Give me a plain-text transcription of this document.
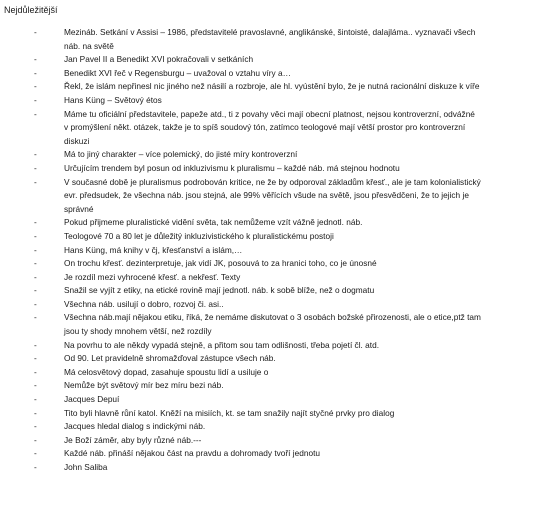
Nejdůležitější
-	Mezináb. Setkání v Assisi – 1986, představitelé pravoslavné, anglikánské, šintoisté, dalajláma.. vyznavači všech
náb. na světě
-	Jan Pavel II a Benedikt XVI pokračovali v setkáních
-	Benedikt XVI řeč v Regensburgu – uvažoval o vztahu víry a…
-	Řekl, že islám nepřinesl nic jiného než násilí a rozbroje, ale hl. vyústění bylo, že je nutná racionální diskuze k víře
-	Hans Küng – Světový étos
-	Máme tu oficiální představitele, papeže atd., ti z povahy věci mají obecní platnost, nejsou kontroverzní, odvážné
v promýšlení někt. otázek, takže je to spíš soudový tón, zatímco teologové mají větší prostor pro kontroverzní
diskuzi
-	Má to jiný charakter – více polemický, do jisté míry kontroverzní
-	Určujícím trendem byl posun od inkluzivismu k pluralismu – každé náb. má stejnou hodnotu
-	V současné době je pluralismus podrobován kritice, ne že by odporoval základům křesť., ale je tam kolonialistický
evr. předsudek, že všechna náb. jsou stejná, ale 99% věřících všude na světě, jsou přesvědčeni, že to jejich je
správné
-	Pokud přijmeme pluralistické vidění světa, tak nemůžeme vzít vážně jednotl. náb.
-	Teologové 70 a 80 let je důležitý inkluzivistického k pluralistickému postoji
-	Hans Küng, má knihy v čj, křesťanství a islám,…
-	On trochu křesť. dezinterpretuje, jak vidí JK, posouvá to za hranici toho, co je únosné
-	Je rozdíl mezi vyhrocené křesť. a nekřesť. Texty
-	Snažil se vyjít z etiky, na etické rovině mají jednotl. náb. k sobě blíže, než o dogmatu
-	Všechna náb. usilují o dobro, rozvoj či. asi..
-	Všechna náb.mají nějakou etiku, říká, že nemáme diskutovat o 3 osobách božské přirozenosti, ale o etice,ptž tam
jsou ty shody mnohem větší, než rozdíly
-	Na povrhu to ale někdy vypadá stejně, a přitom sou tam odlišnosti, třeba pojetí čl. atd.
-	Od 90. Let pravidelně shromažďoval zástupce všech náb.
-	Má celosvětový dopad, zasahuje spoustu lidí a usiluje o
-	Nemůže být světový mír bez míru bezi náb.
-	Jacques Depuí
-	Tito byli hlavně růní katol. Kněží na misiích, kt. se tam snažily najít styčné prvky pro dialog
-	Jacques hledal dialog s indickými náb.
-	Je Boží záměr, aby byly různé náb.---
-	Každé náb. přináší nějakou část na pravdu a dohromady tvoří jednotu
-	John Saliba
